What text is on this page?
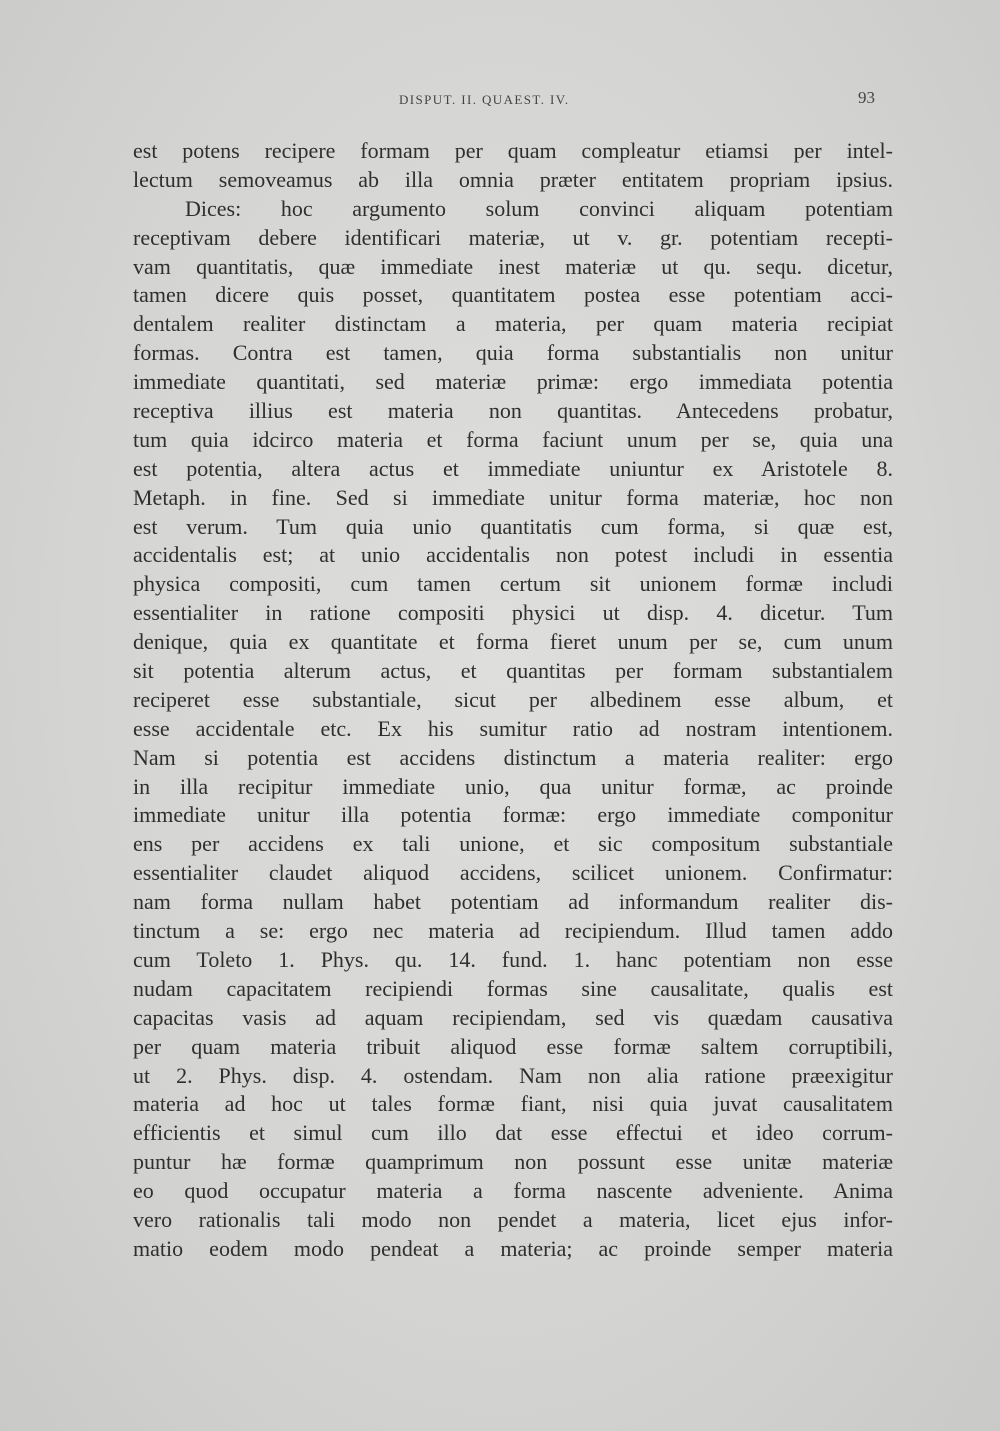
DISPUT. II. QUAEST. IV.	93
est potens recipere formam per quam compleatur etiamsi per intel-
lectum semoveamus ab illa omnia præter entitatem propriam ipsius.
Dices: hoc argumento solum convinci aliquam potentiam
receptivam debere identificari materiæ, ut v. gr. potentiam recepti-
vam quantitatis, quæ immediate inest materiæ ut qu. sequ. dicetur,
tamen dicere quis posset, quantitatem postea esse potentiam acci-
dentalem realiter distinctam a materia, per quam materia recipiat
formas. Contra est tamen, quia forma substantialis non unitur
immediate quantitati, sed materiæ primæ: ergo immediata potentia
receptiva illius est materia non quantitas. Antecedens probatur,
tum quia idcirco materia et forma faciunt unum per se, quia una
est potentia, altera actus et immediate uniuntur ex Aristotele 8.
Metaph. in fine. Sed si immediate unitur forma materiæ, hoc non
est verum. Tum quia unio quantitatis cum forma, si quæ est,
accidentalis est; at unio accidentalis non potest includi in essentia
physica compositi, cum tamen certum sit unionem formæ includi
essentialiter in ratione compositi physici ut disp. 4. dicetur. Tum
denique, quia ex quantitate et forma fieret unum per se, cum unum
sit potentia alterum actus, et quantitas per formam substantialem
reciperet esse substantiale, sicut per albedinem esse album, et
esse accidentale etc. Ex his sumitur ratio ad nostram intentionem.
Nam si potentia est accidens distinctum a materia realiter: ergo
in illa recipitur immediate unio, qua unitur formæ, ac proinde
immediate unitur illa potentia formæ: ergo immediate componitur
ens per accidens ex tali unione, et sic compositum substantiale
essentialiter claudet aliquod accidens, scilicet unionem. Confirmatur:
nam forma nullam habet potentiam ad informandum realiter dis-
tinctum a se: ergo nec materia ad recipiendum. Illud tamen addo
cum Toleto 1. Phys. qu. 14. fund. 1. hanc potentiam non esse
nudam capacitatem recipiendi formas sine causalitate, qualis est
capacitas vasis ad aquam recipiendam, sed vis quædam causativa
per quam materia tribuit aliquod esse formæ saltem corruptibili,
ut 2. Phys. disp. 4. ostendam. Nam non alia ratione præexigitur
materia ad hoc ut tales formæ fiant, nisi quia juvat causalitatem
efficientis et simul cum illo dat esse effectui et ideo corrum-
puntur hæ formæ quamprimum non possunt esse unitæ materiæ
eo quod occupatur materia a forma nascente adveniente. Anima
vero rationalis tali modo non pendet a materia, licet ejus infor-
matio eodem modo pendeat a materia; ac proinde semper materia
